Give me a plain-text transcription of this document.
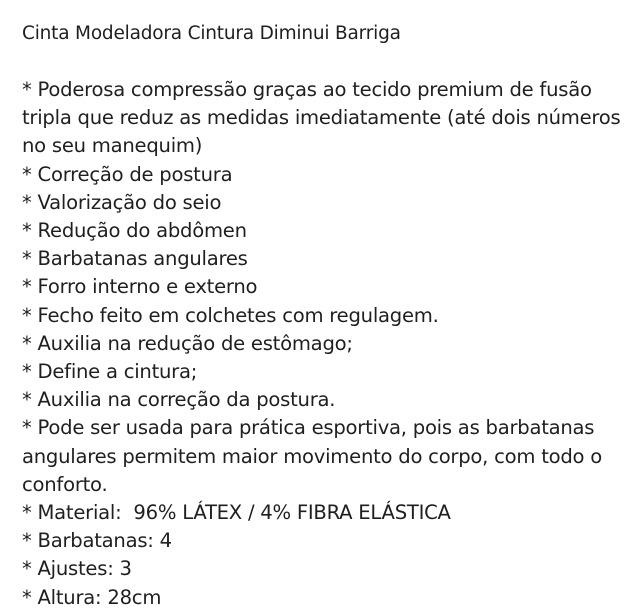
Cinta Modeladora Cintura Diminui Barriga
* Poderosa compressão graças ao tecido premium de fusão tripla que reduz as medidas imediatamente (até dois números no seu manequim)
* Correção de postura
* Valorização do seio
* Redução do abdômen
* Barbatanas angulares
* Forro interno e externo
* Fecho feito em colchetes com regulagem.
* Auxilia na redução de estômago;
* Define a cintura;
* Auxilia na correção da postura.
* Pode ser usada para prática esportiva, pois as barbatanas angulares permitem maior movimento do corpo, com todo o conforto.
* Material:  96% LÁTEX / 4% FIBRA ELÁSTICA
* Barbatanas: 4
* Ajustes: 3
* Altura: 28cm
